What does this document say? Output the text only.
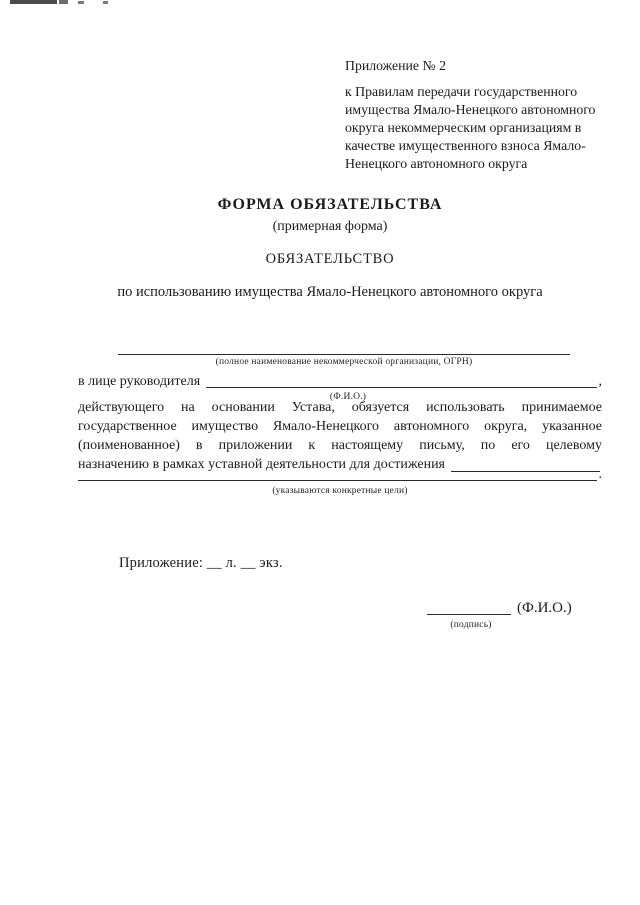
Приложение № 2
к Правилам передачи государственного
имущества Ямало-Ненецкого автономного
округа некоммерческим организациям в
качестве имущественного взноса Ямало-
Ненецкого автономного округа
ФОРМА ОБЯЗАТЕЛЬСТВА
(примерная форма)
ОБЯЗАТЕЛЬСТВО
по использованию имущества Ямало-Ненецкого автономного округа
(полное наименование некоммерческой организации, ОГРН)
в лице руководителя	,
(Ф.И.О.)
действующего на основании Устава, обязуется использовать принимаемое
государственное имущество Ямало-Ненецкого автономного округа, указанное
(поименованное) в приложении к настоящему письму, по его целевому
назначению в рамках уставной деятельности для достижения
.
(указываются конкретные цели)
Приложение: __ л. __ экз.
(Ф.И.О.)
(подпись)
